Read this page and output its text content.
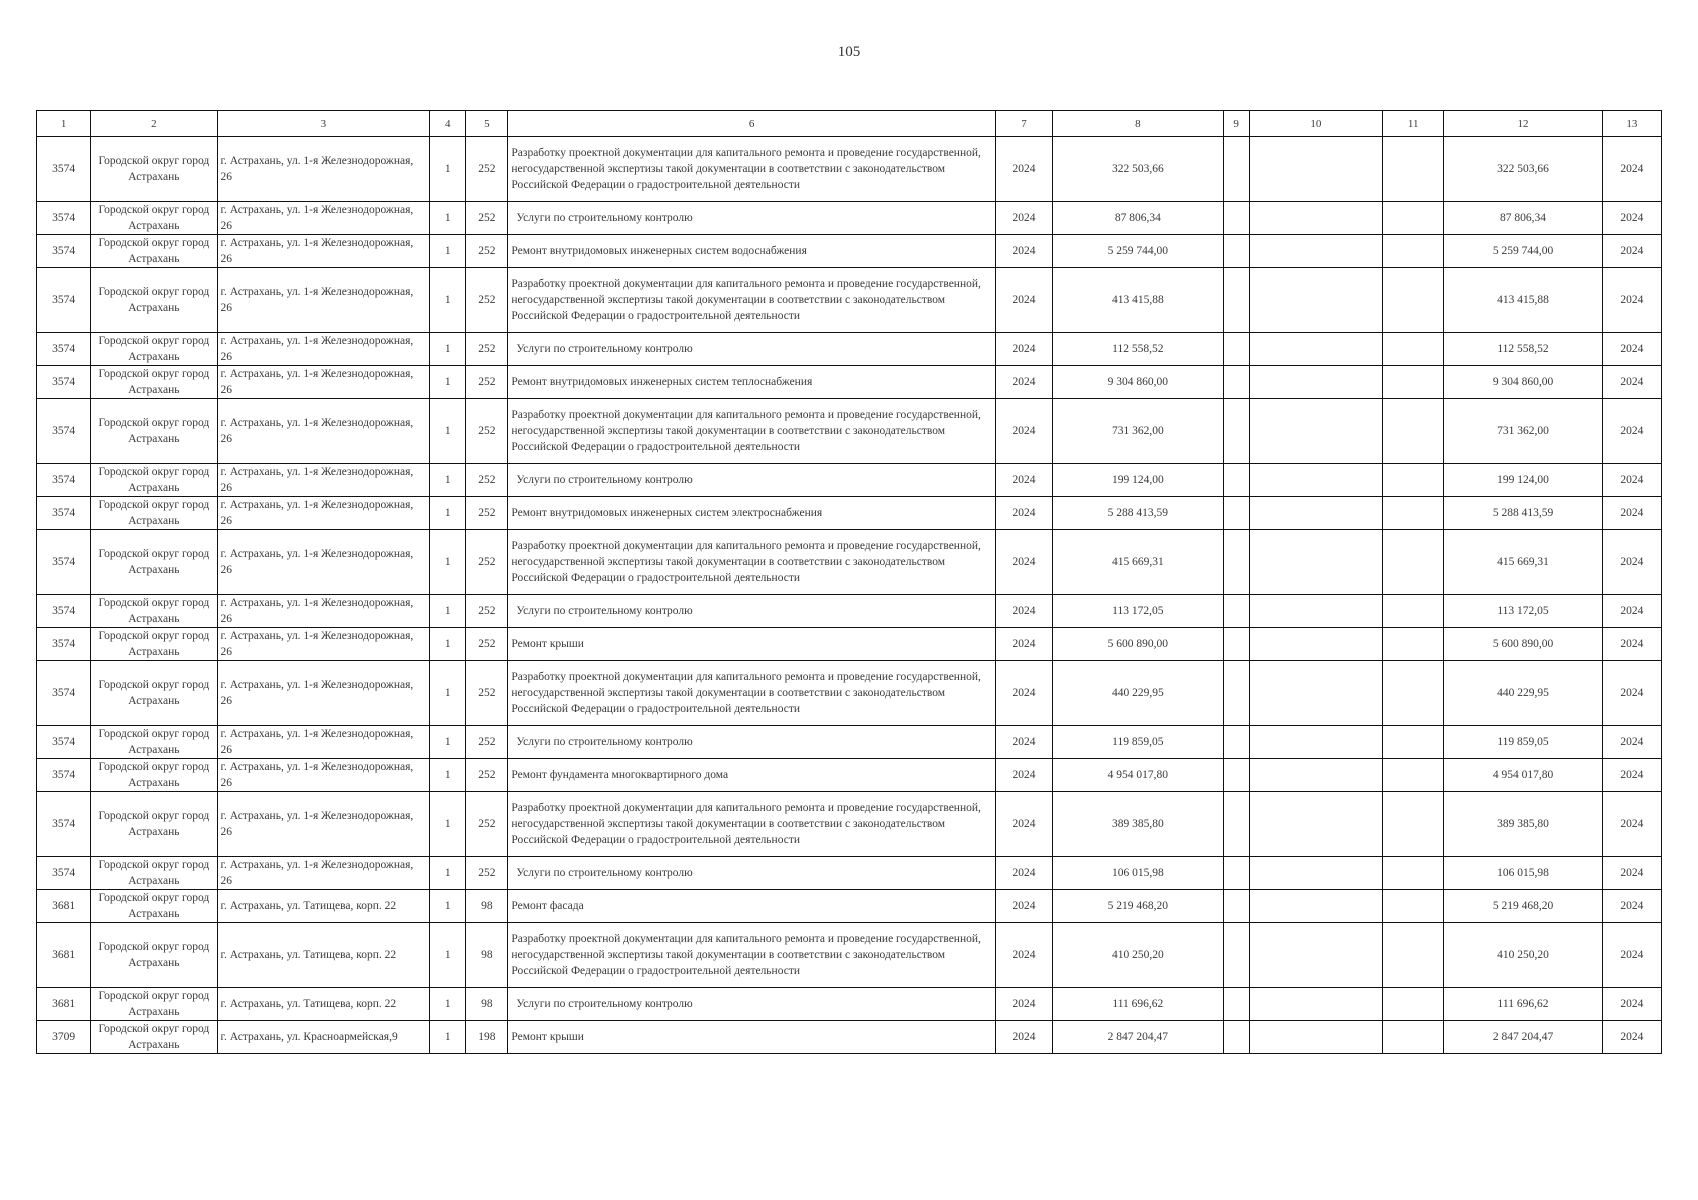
105
1	2	3	4	5	6	7	8	9	10	11	12	13
3574	Городской округ город Астрахань	г. Астрахань, ул. 1-я Железнодорожная, 26	1	252	Разработку проектной документации для капитального ремонта и проведение государственной, негосударственной экспертизы такой документации в соответствии с законодательством Российской Федерации о градостроительной деятельности	2024	322 503,66				322 503,66	2024
3574	Городской округ город Астрахань	г. Астрахань, ул. 1-я Железнодорожная, 26	1	252	Услуги по строительному контролю	2024	87 806,34				87 806,34	2024
3574	Городской округ город Астрахань	г. Астрахань, ул. 1-я Железнодорожная, 26	1	252	Ремонт внутридомовых инженерных систем водоснабжения	2024	5 259 744,00				5 259 744,00	2024
3574	Городской округ город Астрахань	г. Астрахань, ул. 1-я Железнодорожная, 26	1	252	Разработку проектной документации для капитального ремонта и проведение государственной, негосударственной экспертизы такой документации в соответствии с законодательством Российской Федерации о градостроительной деятельности	2024	413 415,88				413 415,88	2024
3574	Городской округ город Астрахань	г. Астрахань, ул. 1-я Железнодорожная, 26	1	252	Услуги по строительному контролю	2024	112 558,52				112 558,52	2024
3574	Городской округ город Астрахань	г. Астрахань, ул. 1-я Железнодорожная, 26	1	252	Ремонт внутридомовых инженерных систем теплоснабжения	2024	9 304 860,00				9 304 860,00	2024
3574	Городской округ город Астрахань	г. Астрахань, ул. 1-я Железнодорожная, 26	1	252	Разработку проектной документации для капитального ремонта и проведение государственной, негосударственной экспертизы такой документации в соответствии с законодательством Российской Федерации о градостроительной деятельности	2024	731 362,00				731 362,00	2024
3574	Городской округ город Астрахань	г. Астрахань, ул. 1-я Железнодорожная, 26	1	252	Услуги по строительному контролю	2024	199 124,00				199 124,00	2024
3574	Городской округ город Астрахань	г. Астрахань, ул. 1-я Железнодорожная, 26	1	252	Ремонт внутридомовых инженерных систем электроснабжения	2024	5 288 413,59				5 288 413,59	2024
3574	Городской округ город Астрахань	г. Астрахань, ул. 1-я Железнодорожная, 26	1	252	Разработку проектной документации для капитального ремонта и проведение государственной, негосударственной экспертизы такой документации в соответствии с законодательством Российской Федерации о градостроительной деятельности	2024	415 669,31				415 669,31	2024
3574	Городской округ город Астрахань	г. Астрахань, ул. 1-я Железнодорожная, 26	1	252	Услуги по строительному контролю	2024	113 172,05				113 172,05	2024
3574	Городской округ город Астрахань	г. Астрахань, ул. 1-я Железнодорожная, 26	1	252	Ремонт крыши	2024	5 600 890,00				5 600 890,00	2024
3574	Городской округ город Астрахань	г. Астрахань, ул. 1-я Железнодорожная, 26	1	252	Разработку проектной документации для капитального ремонта и проведение государственной, негосударственной экспертизы такой документации в соответствии с законодательством Российской Федерации о градостроительной деятельности	2024	440 229,95				440 229,95	2024
3574	Городской округ город Астрахань	г. Астрахань, ул. 1-я Железнодорожная, 26	1	252	Услуги по строительному контролю	2024	119 859,05				119 859,05	2024
3574	Городской округ город Астрахань	г. Астрахань, ул. 1-я Железнодорожная, 26	1	252	Ремонт фундамента многоквартирного дома	2024	4 954 017,80				4 954 017,80	2024
3574	Городской округ город Астрахань	г. Астрахань, ул. 1-я Железнодорожная, 26	1	252	Разработку проектной документации для капитального ремонта и проведение государственной, негосударственной экспертизы такой документации в соответствии с законодательством Российской Федерации о градостроительной деятельности	2024	389 385,80				389 385,80	2024
3574	Городской округ город Астрахань	г. Астрахань, ул. 1-я Железнодорожная, 26	1	252	Услуги по строительному контролю	2024	106 015,98				106 015,98	2024
3681	Городской округ город Астрахань	г. Астрахань, ул. Татищева, корп. 22	1	98	Ремонт фасада	2024	5 219 468,20				5 219 468,20	2024
3681	Городской округ город Астрахань	г. Астрахань, ул. Татищева, корп. 22	1	98	Разработку проектной документации для капитального ремонта и проведение государственной, негосударственной экспертизы такой документации в соответствии с законодательством Российской Федерации о градостроительной деятельности	2024	410 250,20				410 250,20	2024
3681	Городской округ город Астрахань	г. Астрахань, ул. Татищева, корп. 22	1	98	Услуги по строительному контролю	2024	111 696,62				111 696,62	2024
3709	Городской округ город Астрахань	г. Астрахань, ул. Красноармейская,9	1	198	Ремонт крыши	2024	2 847 204,47				2 847 204,47	2024
